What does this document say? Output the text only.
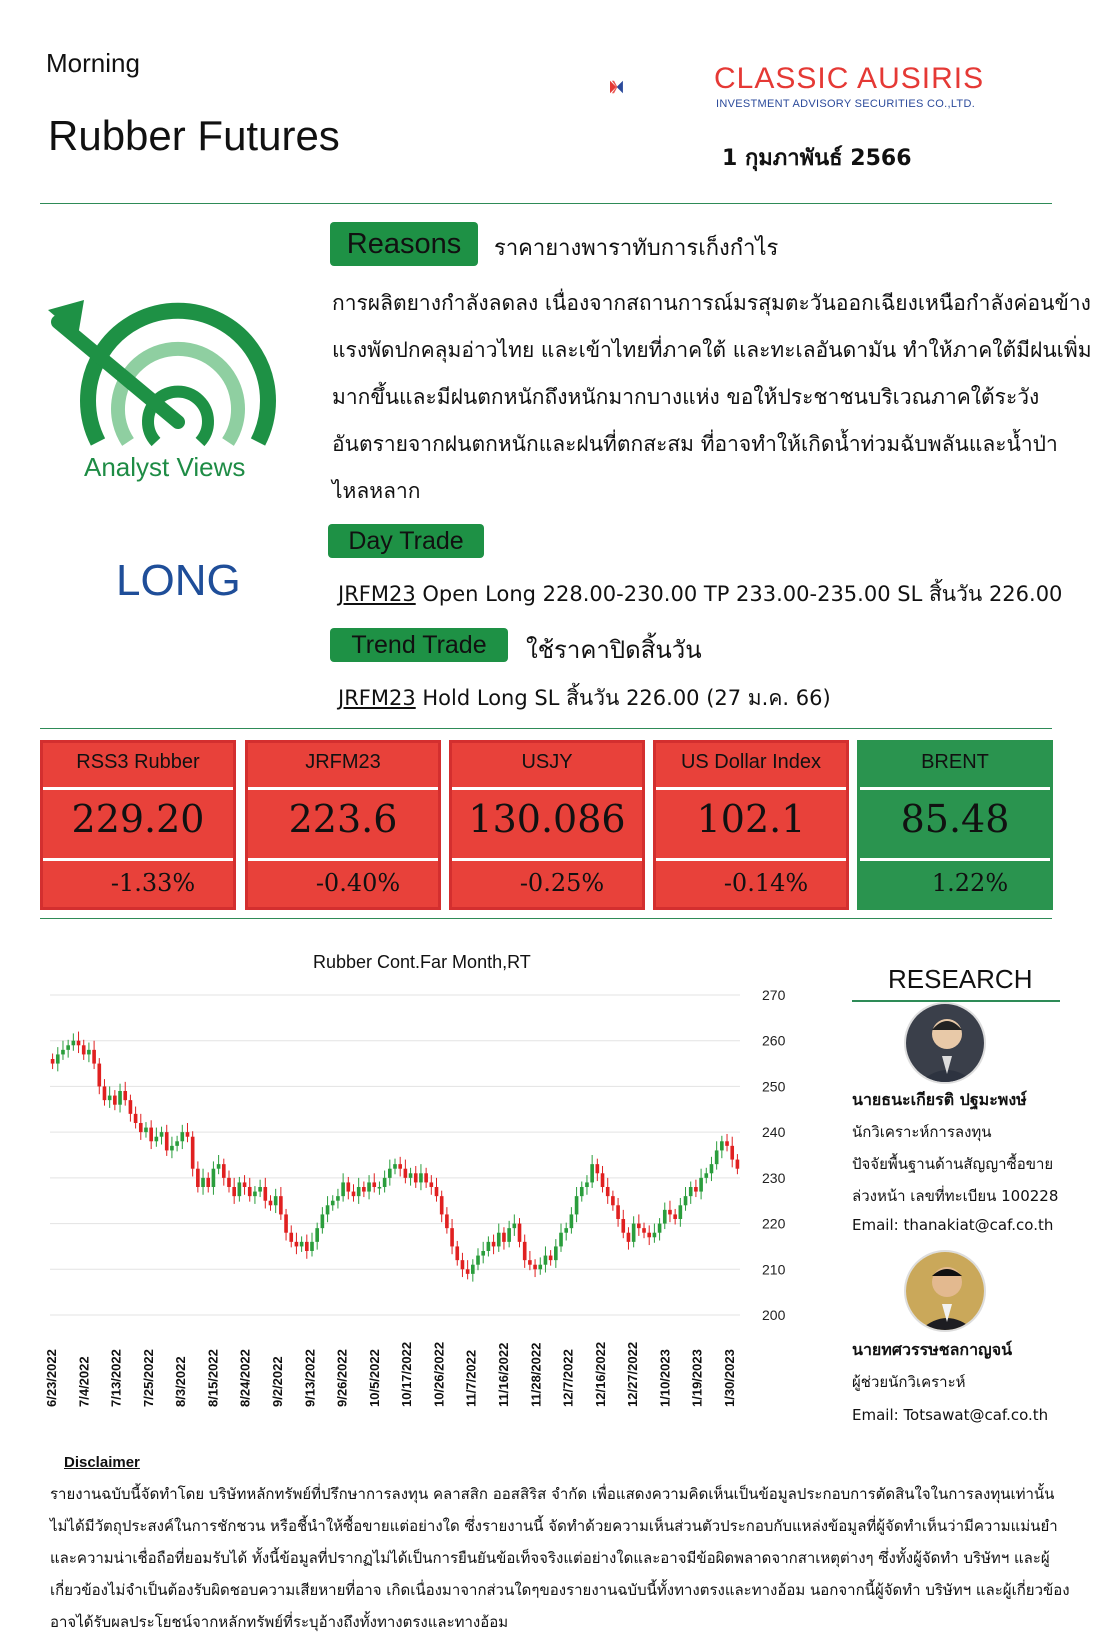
Morning
Rubber Futures
CLASSIC AUSIRIS
INVESTMENT ADVISORY SECURITIES CO.,LTD.
1 กุมภาพันธ์ 2566
Analyst Views
LONG
Reasons	ราคายางพาราทับการเก็งกำไร
การผลิตยางกำลังลดลง เนื่องจากสถานการณ์มรสุมตะวันออกเฉียงเหนือกำลังค่อนข้างแรงพัดปกคลุมอ่าวไทย และเข้าไทยที่ภาคใต้ และทะเลอันดามัน ทำให้ภาคใต้มีฝนเพิ่มมากขึ้นและมีฝนตกหนักถึงหนักมากบางแห่ง ขอให้ประชาชนบริเวณภาคใต้ระวังอันตรายจากฝนตกหนักและฝนที่ตกสะสม ที่อาจทำให้เกิดน้ำท่วมฉับพลันและน้ำป่าไหลหลาก
Day Trade
JRFM23 Open Long 228.00-230.00 TP 233.00-235.00 SL สิ้นวัน 226.00
Trend Trade	ใช้ราคาปิดสิ้นวัน
JRFM23 Hold Long SL สิ้นวัน 226.00 (27 ม.ค. 66)
RSS3 Rubber
229.20
-1.33%
JRFM23
223.6
-0.40%
USJY
130.086
-0.25%
US Dollar Index
102.1
-0.14%
BRENT
85.48
1.22%
Rubber Cont.Far Month,RT
270
260
250
240
230
220
210
200
6/23/2022 7/4/2022 7/13/2022 7/25/2022 8/3/2022 8/15/2022 8/24/2022 9/2/2022 9/13/2022 9/26/2022 10/5/2022 10/17/2022 10/26/2022 11/7/2022 11/16/2022 11/28/2022 12/7/2022 12/16/2022 12/27/2022 1/10/2023 1/19/2023 1/30/2023
RESEARCH
นายธนะเกียรติ ปฐมะพงษ์
นักวิเคราะห์การลงทุน
ปัจจัยพื้นฐานด้านสัญญาซื้อขาย
ล่วงหน้า เลขที่ทะเบียน 100228
Email: thanakiat@caf.co.th
นายทศวรรษชลกาญจน์
ผู้ช่วยนักวิเคราะห์
Email: Totsawat@caf.co.th
Disclaimer
รายงานฉบับนี้จัดทำโดย บริษัทหลักทรัพย์ที่ปรึกษาการลงทุน คลาสสิก ออสสิริส จำกัด เพื่อแสดงความคิดเห็นเป็นข้อมูลประกอบการตัดสินใจในการลงทุนเท่านั้น ไม่ได้มีวัตถุประสงค์ในการชักชวน หรือชี้นำให้ซื้อขายแต่อย่างใด ซึ่งรายงานนี้ จัดทำด้วยความเห็นส่วนตัวประกอบกับแหล่งข้อมูลที่ผู้จัดทำเห็นว่ามีความแม่นยำและความน่าเชื่อถือที่ยอมรับได้ ทั้งนี้ข้อมูลที่ปรากฏไม่ได้เป็นการยืนยันข้อเท็จจริงแต่อย่างใดและอาจมีข้อผิดพลาดจากสาเหตุต่างๆ ซึ่งทั้งผู้จัดทำ บริษัทฯ และผู้เกี่ยวข้องไม่จำเป็นต้องรับผิดชอบความเสียหายที่อาจ เกิดเนื่องมาจากส่วนใดๆของรายงานฉบับนี้ทั้งทางตรงและทางอ้อม นอกจากนี้ผู้จัดทำ บริษัทฯ และผู้เกี่ยวข้อง อาจได้รับผลประโยชน์จากหลักทรัพย์ที่ระบุอ้างถึงทั้งทางตรงและทางอ้อม
